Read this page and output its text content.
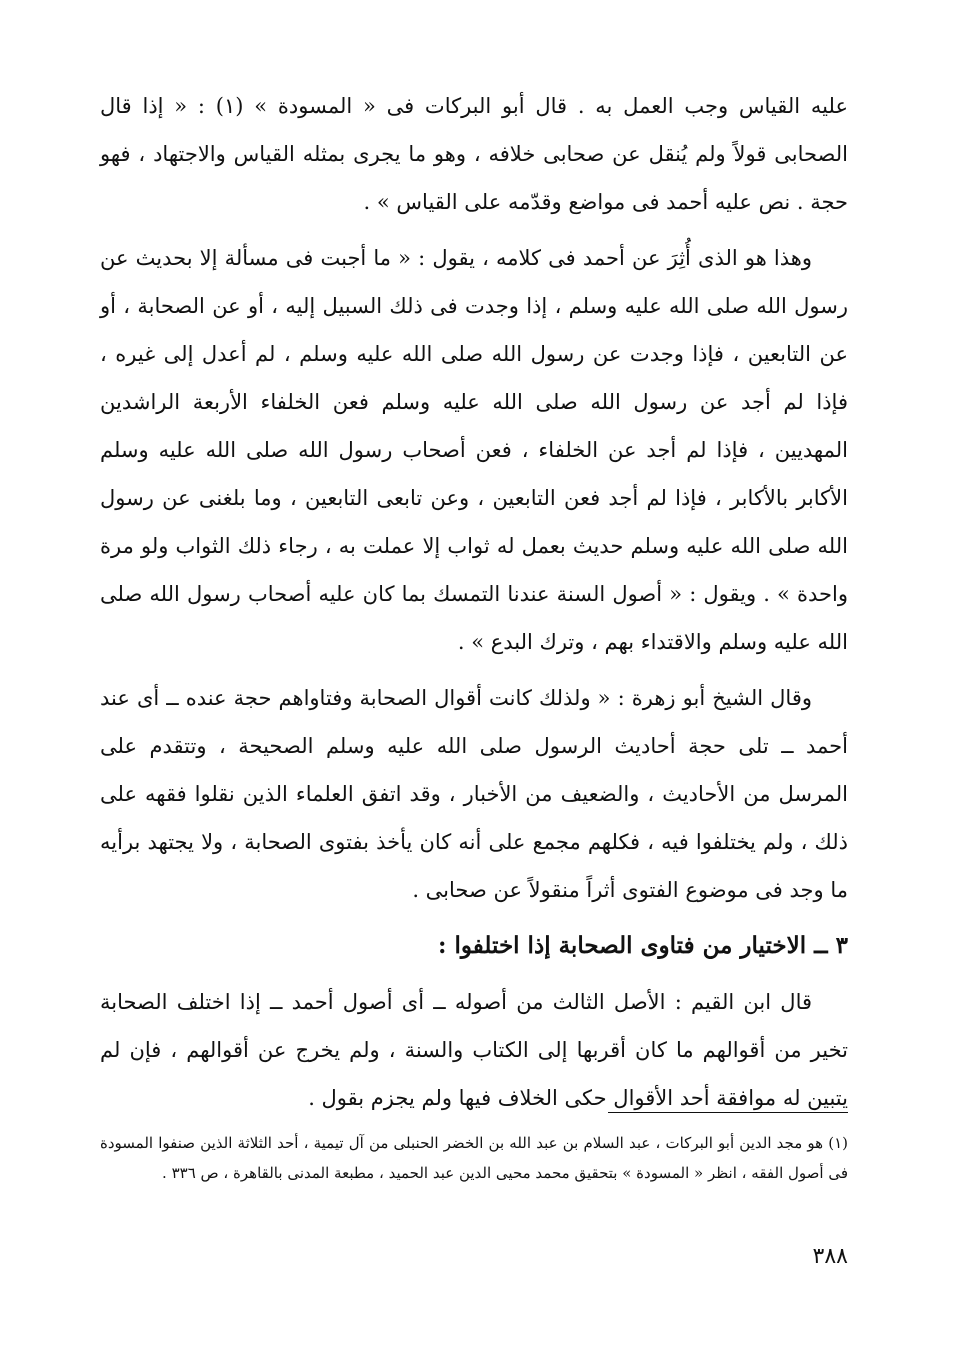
عليه القياس وجب العمل به . قال أبو البركات فى « المسودة » (١) : « إذا قال الصحابى قولاً ولم يُنقل عن صحابى خلافه ، وهو ما يجرى بمثله القياس والاجتهاد ، فهو حجة . نص عليه أحمد فى مواضع وقدّمه على القياس » .

وهذا هو الذى أُثِرَ عن أحمد فى كلامه ، يقول : « ما أجبت فى مسألة إلا بحديث عن رسول الله صلى الله عليه وسلم ، إذا وجدت فى ذلك السبيل إليه ، أو عن الصحابة ، أو عن التابعين ، فإذا وجدت عن رسول الله صلى الله عليه وسلم ، لم أعدل إلى غيره ، فإذا لم أجد عن رسول الله صلى الله عليه وسلم فعن الخلفاء الأربعة الراشدين المهديين ، فإذا لم أجد عن الخلفاء ، فعن أصحاب رسول الله صلى الله عليه وسلم الأكابر بالأكابر ، فإذا لم أجد فعن التابعين ، وعن تابعى التابعين ، وما بلغنى عن رسول الله صلى الله عليه وسلم حديث بعمل له ثواب إلا عملت به ، رجاء ذلك الثواب ولو مرة واحدة » . ويقول : « أصول السنة عندنا التمسك بما كان عليه أصحاب رسول الله صلى الله عليه وسلم والاقتداء بهم ، وترك البدع » .

وقال الشيخ أبو زهرة : « ولذلك كانت أقوال الصحابة وفتاواهم حجة عنده ــ أى عند أحمد ــ تلى حجة أحاديث الرسول صلى الله عليه وسلم الصحيحة ، وتتقدم على المرسل من الأحاديث ، والضعيف من الأخبار ، وقد اتفق العلماء الذين نقلوا فقهه على ذلك ، ولم يختلفوا فيه ، فكلهم مجمع على أنه كان يأخذ بفتوى الصحابة ، ولا يجتهد برأيه ما وجد فى موضوع الفتوى أثراً منقولاً عن صحابى .

٣ ــ الاختيار من فتاوى الصحابة إذا اختلفوا :

قال ابن القيم : الأصل الثالث من أصوله ــ أى أصول أحمد ــ إذا اختلف الصحابة تخير من أقوالهم ما كان أقربها إلى الكتاب والسنة ، ولم يخرج عن أقوالهم ، فإن لم يتبين له موافقة أحد الأقوال حكى الخلاف فيها ولم يجزم بقول .

(١) هو مجد الدين أبو البركات ، عبد السلام بن عبد الله بن الخضر الحنبلى من آل تيمية ، أحد الثلاثة الذين صنفوا المسودة فى أصول الفقه ، انظر « المسودة » بتحقيق محمد محيى الدين عبد الحميد ، مطبعة المدنى بالقاهرة ، ص ٣٣٦ .
٣٨٨
